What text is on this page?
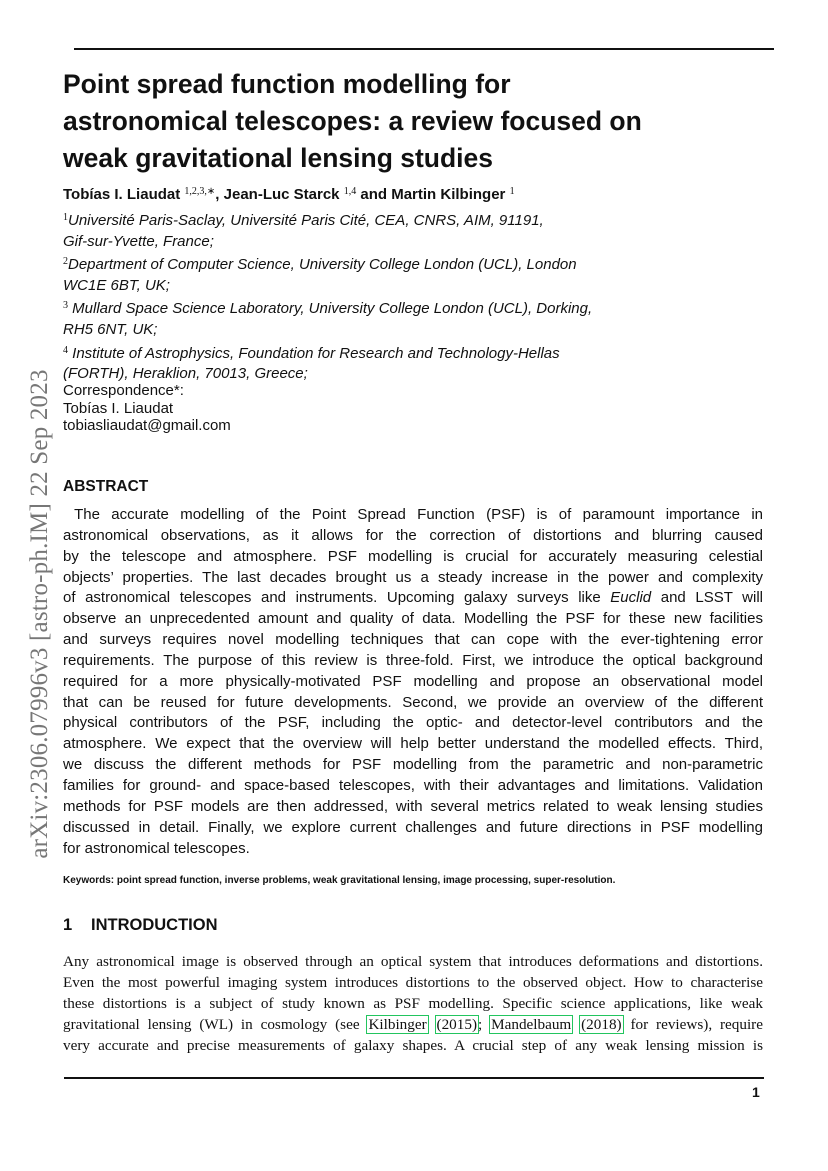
arXiv:2306.07996v3 [astro-ph.IM] 22 Sep 2023
Point spread function modelling for
astronomical telescopes: a review focused on
weak gravitational lensing studies
Tobías I. Liaudat $^{1,2,3,∗}$, Jean-Luc Starck $^{1,4}$ and Martin Kilbinger $^1$
$^1$Université Paris-Saclay, Université Paris Cité, CEA, CNRS, AIM, 91191,
Gif-sur-Yvette, France;
$^2$Department of Computer Science, University College London (UCL), London
WC1E 6BT, UK;
$^3$ Mullard Space Science Laboratory, University College London (UCL), Dorking,
RH5 6NT, UK;
$^4$ Institute of Astrophysics, Foundation for Research and Technology-Hellas
(FORTH), Heraklion, 70013, Greece;
Correspondence*:
Tobías I. Liaudat
tobiasliaudat@gmail.com
ABSTRACT

The accurate modelling of the Point Spread Function (PSF) is of paramount importance in
astronomical observations, as it allows for the correction of distortions and blurring caused
by the telescope and atmosphere. PSF modelling is crucial for accurately measuring celestial
objects’ properties. The last decades brought us a steady increase in the power and complexity
of astronomical telescopes and instruments. Upcoming galaxy surveys like Euclid and LSST will
observe an unprecedented amount and quality of data. Modelling the PSF for these new facilities
and surveys requires novel modelling techniques that can cope with the ever-tightening error
requirements. The purpose of this review is three-fold. First, we introduce the optical background
required for a more physically-motivated PSF modelling and propose an observational model
that can be reused for future developments. Second, we provide an overview of the different
physical contributors of the PSF, including the optic- and detector-level contributors and the
atmosphere. We expect that the overview will help better understand the modelled effects. Third,
we discuss the different methods for PSF modelling from the parametric and non-parametric
families for ground- and space-based telescopes, with their advantages and limitations. Validation
methods for PSF models are then addressed, with several metrics related to weak lensing studies
discussed in detail. Finally, we explore current challenges and future directions in PSF modelling
for astronomical telescopes.

Keywords: point spread function, inverse problems, weak gravitational lensing, image processing, super-resolution.
1 INTRODUCTION

Any astronomical image is observed through an optical system that introduces deformations and distortions.
Even the most powerful imaging system introduces distortions to the observed object. How to characterise
these distortions is a subject of study known as PSF modelling. Specific science applications, like weak
gravitational lensing (WL) in cosmology (see Kilbinger (2015); Mandelbaum (2018) for reviews), require
very accurate and precise measurements of galaxy shapes. A crucial step of any weak lensing mission is

1
